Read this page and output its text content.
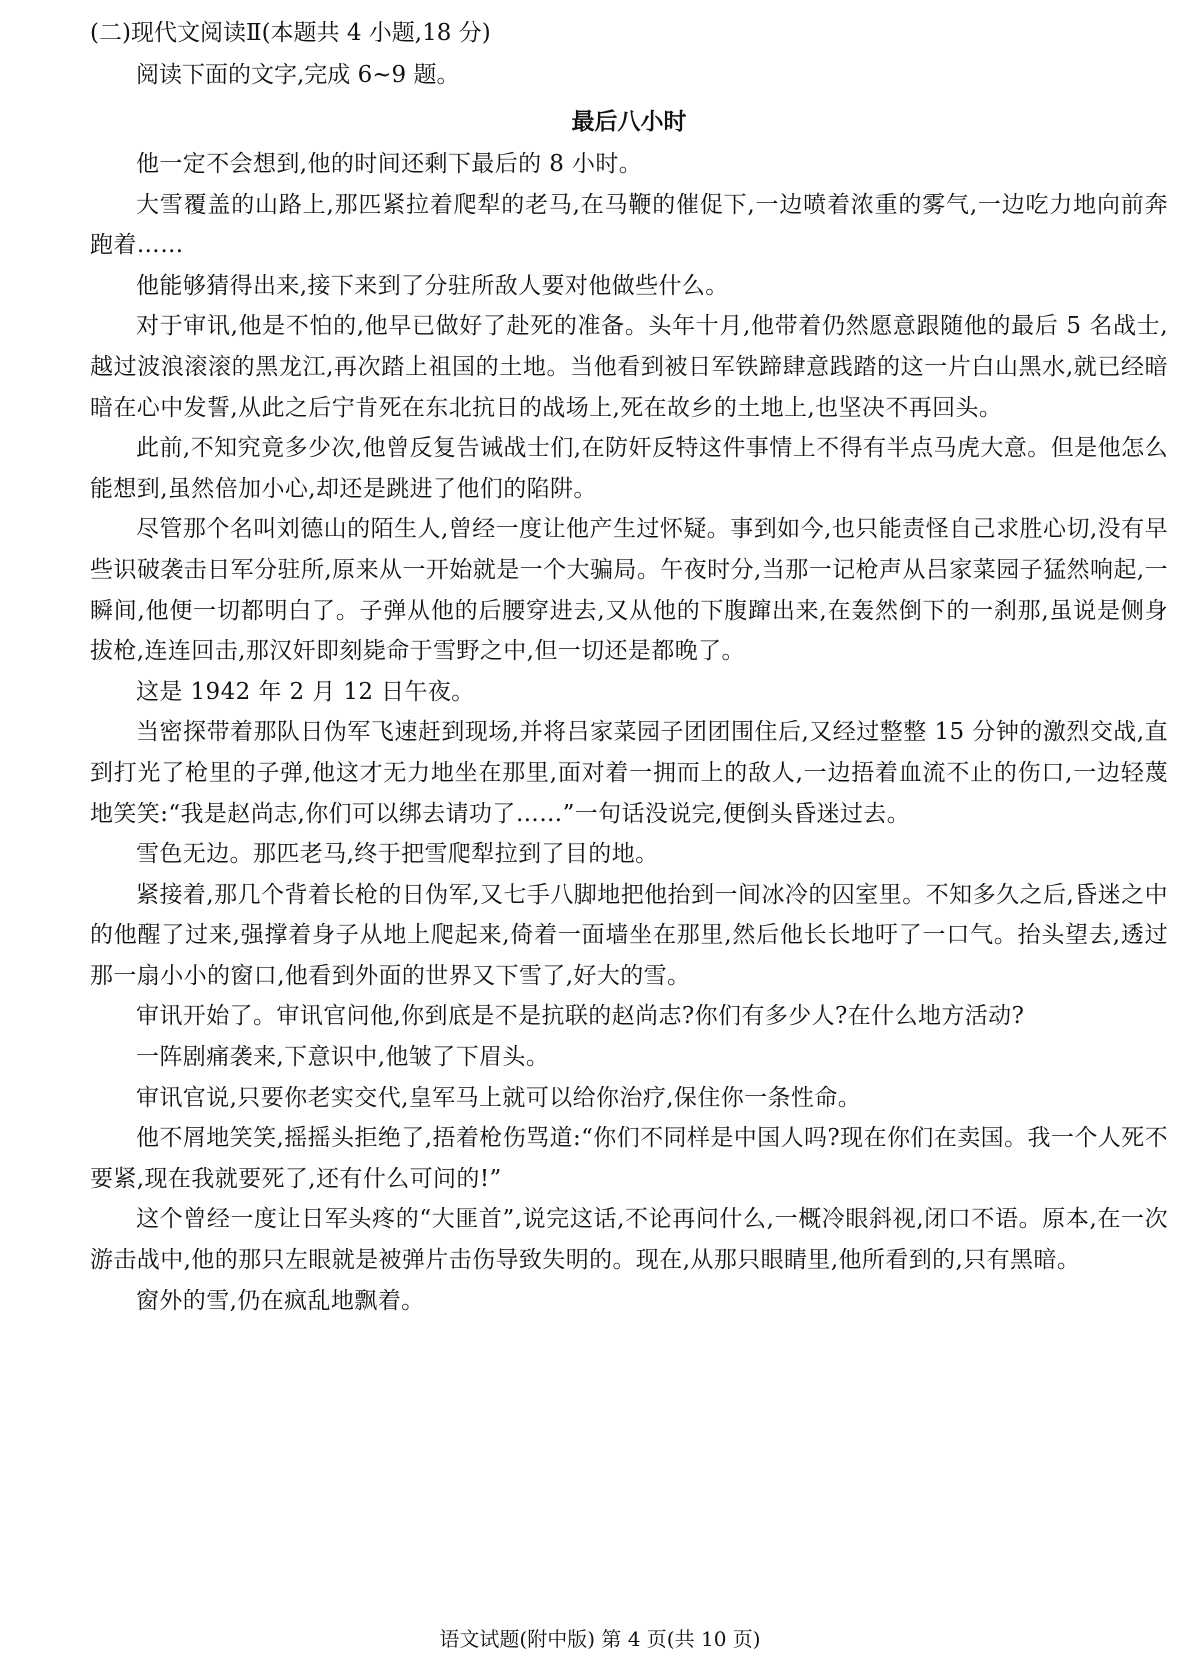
(二)现代文阅读Ⅱ(本题共 4 小题,18 分)

阅读下面的文字,完成 6~9 题。

最后八小时

他一定不会想到,他的时间还剩下最后的 8 小时。

大雪覆盖的山路上,那匹紧拉着爬犁的老马,在马鞭的催促下,一边喷着浓重的雾气,一边吃力地向前奔跑着……

他能够猜得出来,接下来到了分驻所敌人要对他做些什么。

对于审讯,他是不怕的,他早已做好了赴死的准备。头年十月,他带着仍然愿意跟随他的最后 5 名战士,越过波浪滚滚的黑龙江,再次踏上祖国的土地。当他看到被日军铁蹄肆意践踏的这一片白山黑水,就已经暗暗在心中发誓,从此之后宁肯死在东北抗日的战场上,死在故乡的土地上,也坚决不再回头。

此前,不知究竟多少次,他曾反复告诫战士们,在防奸反特这件事情上不得有半点马虎大意。但是他怎么能想到,虽然倍加小心,却还是跳进了他们的陷阱。

尽管那个名叫刘德山的陌生人,曾经一度让他产生过怀疑。事到如今,也只能责怪自己求胜心切,没有早些识破袭击日军分驻所,原来从一开始就是一个大骗局。午夜时分,当那一记枪声从吕家菜园子猛然响起,一瞬间,他便一切都明白了。子弹从他的后腰穿进去,又从他的下腹蹿出来,在轰然倒下的一刹那,虽说是侧身拔枪,连连回击,那汉奸即刻毙命于雪野之中,但一切还是都晚了。

这是 1942 年 2 月 12 日午夜。

当密探带着那队日伪军飞速赶到现场,并将吕家菜园子团团围住后,又经过整整 15 分钟的激烈交战,直到打光了枪里的子弹,他这才无力地坐在那里,面对着一拥而上的敌人,一边捂着血流不止的伤口,一边轻蔑地笑笑:“我是赵尚志,你们可以绑去请功了……”一句话没说完,便倒头昏迷过去。

雪色无边。那匹老马,终于把雪爬犁拉到了目的地。

紧接着,那几个背着长枪的日伪军,又七手八脚地把他抬到一间冰冷的囚室里。不知多久之后,昏迷之中的他醒了过来,强撑着身子从地上爬起来,倚着一面墙坐在那里,然后他长长地吁了一口气。抬头望去,透过那一扇小小的窗口,他看到外面的世界又下雪了,好大的雪。

审讯开始了。审讯官问他,你到底是不是抗联的赵尚志?你们有多少人?在什么地方活动?

一阵剧痛袭来,下意识中,他皱了下眉头。

审讯官说,只要你老实交代,皇军马上就可以给你治疗,保住你一条性命。

他不屑地笑笑,摇摇头拒绝了,捂着枪伤骂道:“你们不同样是中国人吗?现在你们在卖国。我一个人死不要紧,现在我就要死了,还有什么可问的!”

这个曾经一度让日军头疼的“大匪首”,说完这话,不论再问什么,一概冷眼斜视,闭口不语。原本,在一次游击战中,他的那只左眼就是被弹片击伤导致失明的。现在,从那只眼睛里,他所看到的,只有黑暗。

窗外的雪,仍在疯乱地飘着。

语文试题(附中版) 第 4 页(共 10 页)
